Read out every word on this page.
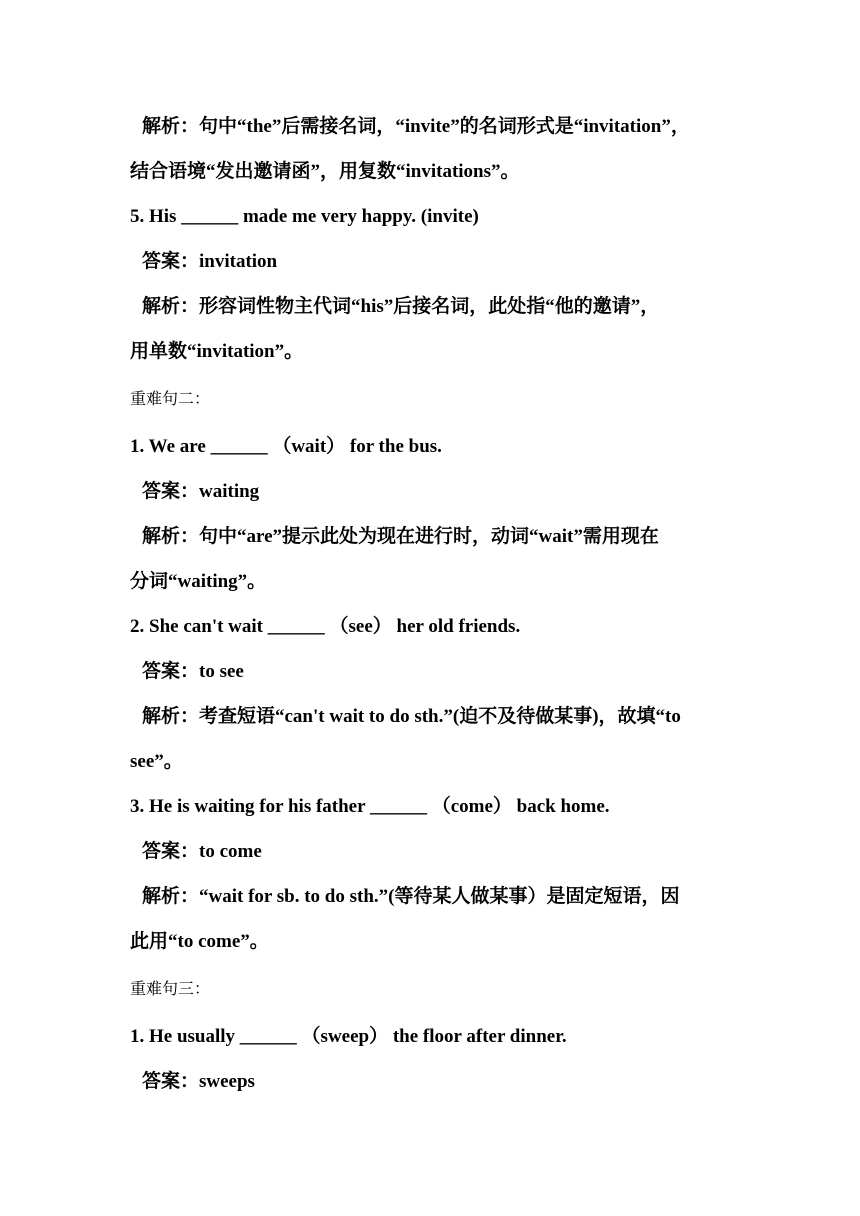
解析：句中“the”后需接名词，“invite”的名词形式是“invitation”，
结合语境“发出邀请函”，用复数“invitations”。
5. His ______ made me very happy. (invite)
答案：invitation
解析：形容词性物主代词“his”后接名词，此处指“他的邀请”，
用单数“invitation”。
重难句二：
1. We are ______ （wait） for the bus.
答案：waiting
解析：句中“are”提示此处为现在进行时，动词“wait”需用现在
分词“waiting”。
2. She can't wait ______ （see） her old friends.
答案：to see
解析：考查短语“can't wait to do sth.”(迫不及待做某事)，故填“to
see”。
3. He is waiting for his father ______ （come） back home.
答案：to come
解析：“wait for sb. to do sth.”(等待某人做某事）是固定短语，因
此用“to come”。
重难句三：
1. He usually ______ （sweep） the floor after dinner.
答案：sweeps
